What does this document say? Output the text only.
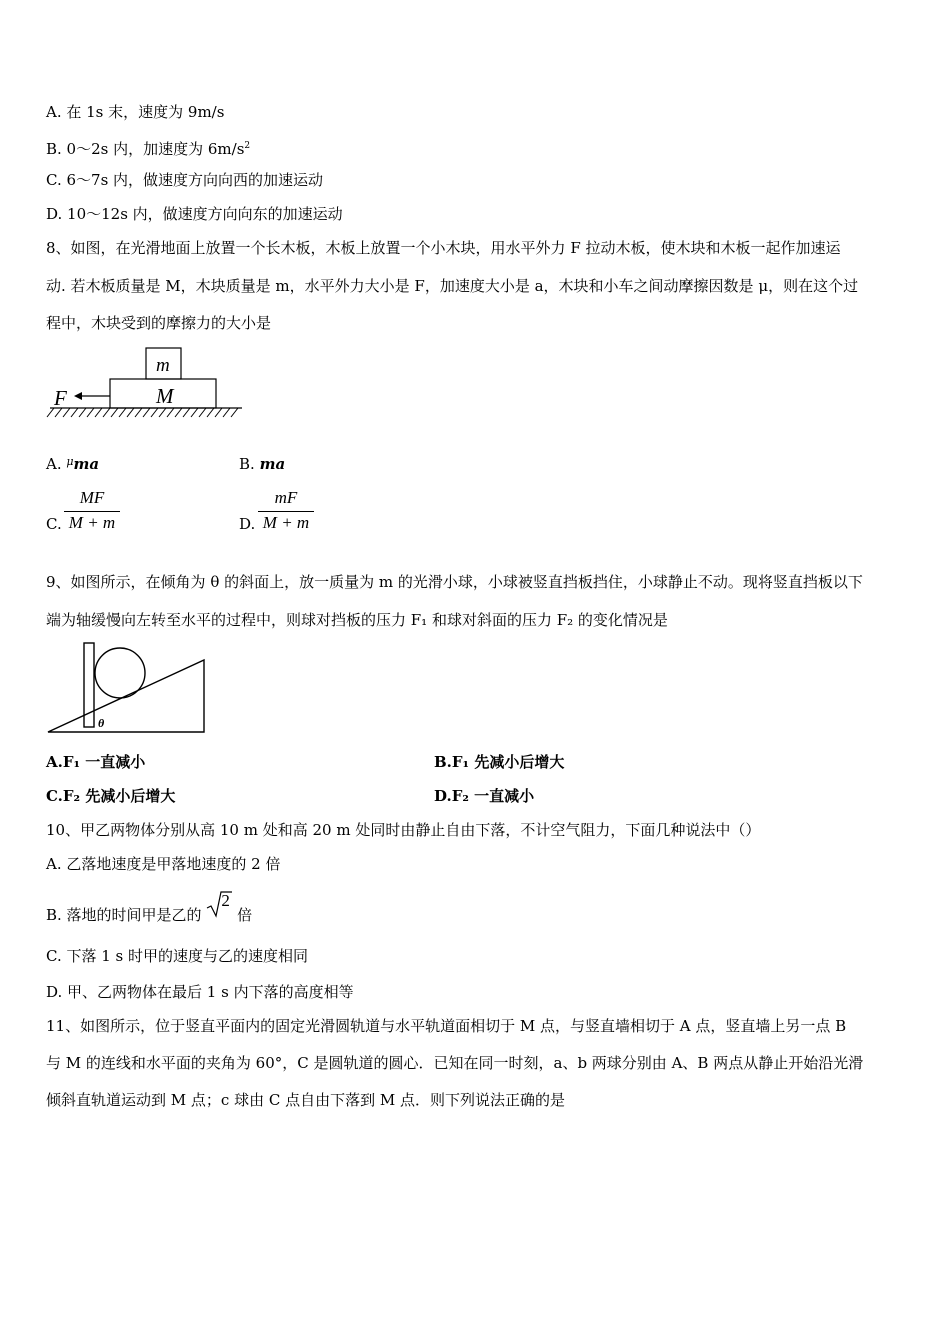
A. 在 1s 末，速度为 9m/s
B. 0～2s 内，加速度为 $6m/s^2$
C. 6～7s 内，做速度方向向西的加速运动
D. 10～12s 内，做速度方向向东的加速运动
8、如图，在光滑地面上放置一个长木板，木板上放置一个小木块，用水平外力 F 拉动木板，使木块和木板一起作加速运
动. 若木板质量是 M，木块质量是 m，水平外力大小是 F，加速度大小是 a，木块和小车之间动摩擦因数是 μ，则在这个过
程中，木块受到的摩擦力的大小是
m
M
F
A. $^\mu$ma	B. ma
C.
MF
M + m	D.
mF
M + m
9、如图所示，在倾角为 θ 的斜面上，放一质量为 m 的光滑小球，小球被竖直挡板挡住，小球静止不动。现将竖直挡板以下
端为轴缓慢向左转至水平的过程中，则球对挡板的压力 F₁ 和球对斜面的压力 F₂ 的变化情况是
θ
A.F₁ 一直减小	B.F₁ 先减小后增大
C.F₂ 先减小后增大	D.F₂ 一直减小
10、甲乙两物体分别从高 10 m 处和高 20 m 处同时由静止自由下落，不计空气阻力，下面几种说法中（）
A. 乙落地速度是甲落地速度的 2 倍
B. 落地的时间甲是乙的
2
倍
C. 下落 1 s 时甲的速度与乙的速度相同
D. 甲、乙两物体在最后 1 s 内下落的高度相等
11、如图所示，位于竖直平面内的固定光滑圆轨道与水平轨道面相切于 M 点，与竖直墙相切于 A 点，竖直墙上另一点 B
与 M 的连线和水平面的夹角为 60°，C 是圆轨道的圆心．已知在同一时刻，a、b 两球分别由 A、B 两点从静止开始沿光滑
倾斜直轨道运动到 M 点；c 球由 C 点自由下落到 M 点．则下列说法正确的是
